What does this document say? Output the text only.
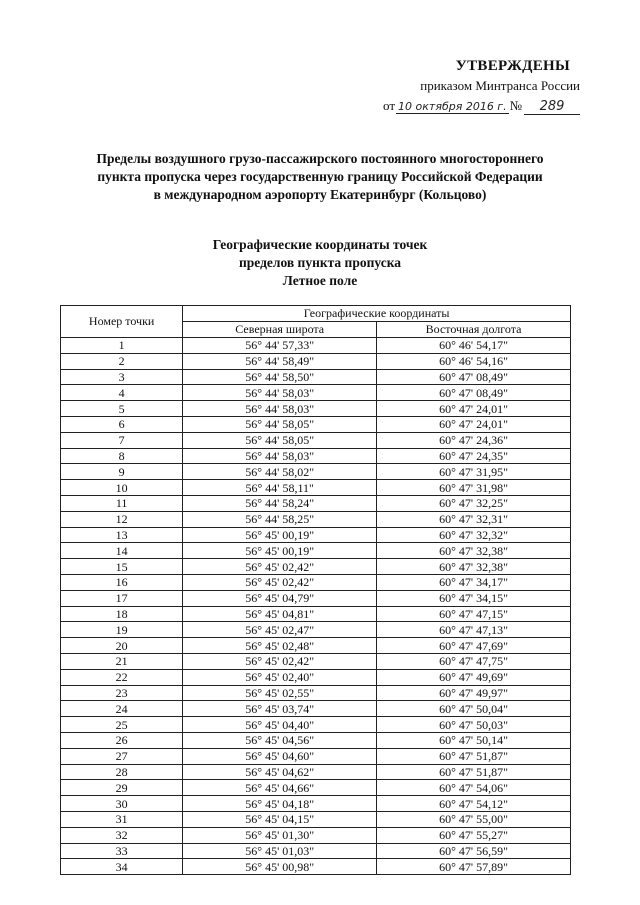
УТВЕРЖДЕНЫ
приказом Минтранса России
от 10 октября 2016 г. №	289
Пределы воздушного грузо-пассажирского постоянного многостороннего
пункта пропуска через государственную границу Российской Федерации
в международном аэропорту Екатеринбург (Кольцово)
Географические координаты точек
пределов пункта пропуска
Летное поле
Номер точки	Географические координаты	
	Северная широта	Восточная долгота
1	56° 44' 57,33"	60° 46' 54,17"
2	56° 44' 58,49"	60° 46' 54,16"
3	56° 44' 58,50"	60° 47' 08,49"
4	56° 44' 58,03"	60° 47' 08,49"
5	56° 44' 58,03"	60° 47' 24,01"
6	56° 44' 58,05"	60° 47' 24,01"
7	56° 44' 58,05"	60° 47' 24,36"
8	56° 44' 58,03"	60° 47' 24,35"
9	56° 44' 58,02"	60° 47' 31,95"
10	56° 44' 58,11"	60° 47' 31,98"
11	56° 44' 58,24"	60° 47' 32,25"
12	56° 44' 58,25"	60° 47' 32,31"
13	56° 45' 00,19"	60° 47' 32,32"
14	56° 45' 00,19"	60° 47' 32,38"
15	56° 45' 02,42"	60° 47' 32,38"
16	56° 45' 02,42"	60° 47' 34,17"
17	56° 45' 04,79"	60° 47' 34,15"
18	56° 45' 04,81"	60° 47' 47,15"
19	56° 45' 02,47"	60° 47' 47,13"
20	56° 45' 02,48"	60° 47' 47,69"
21	56° 45' 02,42"	60° 47' 47,75"
22	56° 45' 02,40"	60° 47' 49,69"
23	56° 45' 02,55"	60° 47' 49,97"
24	56° 45' 03,74"	60° 47' 50,04"
25	56° 45' 04,40"	60° 47' 50,03"
26	56° 45' 04,56"	60° 47' 50,14"
27	56° 45' 04,60"	60° 47' 51,87"
28	56° 45' 04,62"	60° 47' 51,87"
29	56° 45' 04,66"	60° 47' 54,06"
30	56° 45' 04,18"	60° 47' 54,12"
31	56° 45' 04,15"	60° 47' 55,00"
32	56° 45' 01,30"	60° 47' 55,27"
33	56° 45' 01,03"	60° 47' 56,59"
34	56° 45' 00,98"	60° 47' 57,89"
